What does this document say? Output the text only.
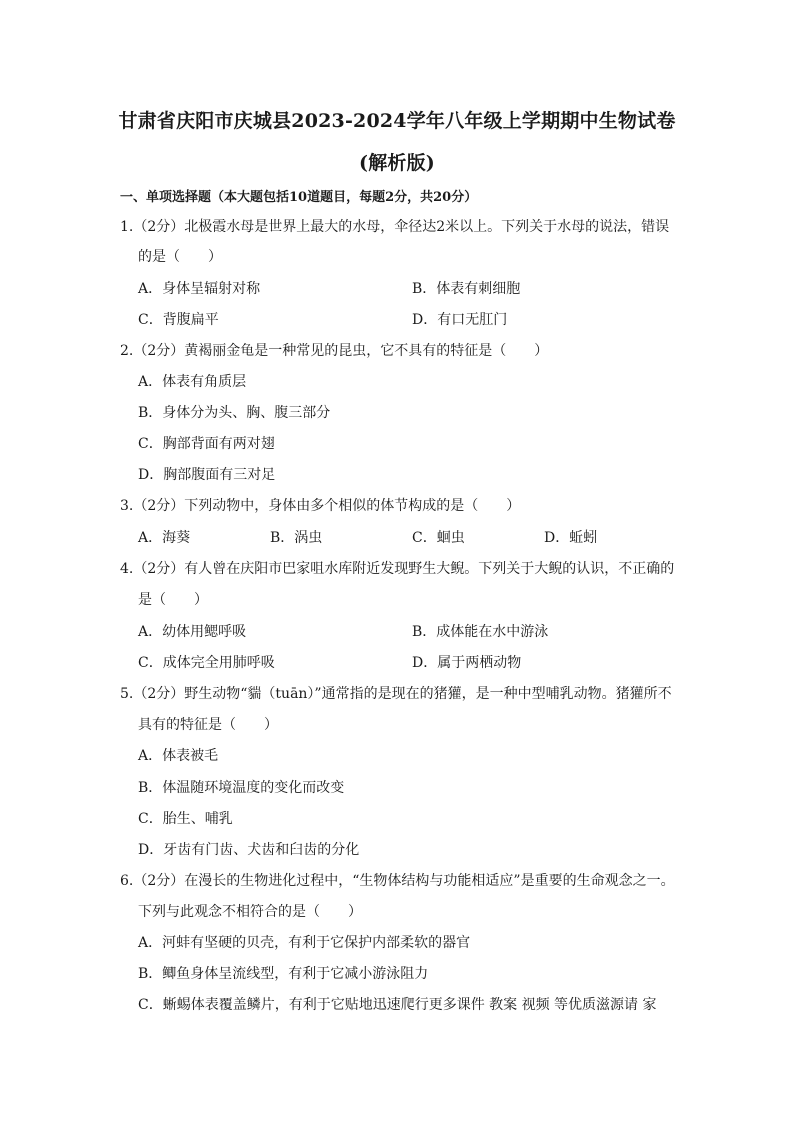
甘肃省庆阳市庆城县2023-2024学年八年级上学期期中生物试卷
(解析版)
一、单项选择题（本大题包括10道题目，每题2分，共20分）
1.（2分）北极霞水母是世界上最大的水母，伞径达2米以上。下列关于水母的说法，错误
的是（　　）
A．身体呈辐射对称	B．体表有刺细胞
C．背腹扁平	D．有口无肛门
2.（2分）黄褐丽金龟是一种常见的昆虫，它不具有的特征是（　　）
A．体表有角质层
B．身体分为头、胸、腹三部分
C．胸部背面有两对翅
D．胸部腹面有三对足
3.（2分）下列动物中，身体由多个相似的体节构成的是（　　）
A．海葵	B．涡虫	C．蛔虫	D．蚯蚓
4.（2分）有人曾在庆阳市巴家咀水库附近发现野生大鲵。下列关于大鲵的认识，不正确的
是（　　）
A．幼体用鳃呼吸	B．成体能在水中游泳
C．成体完全用肺呼吸	D．属于两栖动物
5.（2分）野生动物“貒（tuān）”通常指的是现在的猪獾，是一种中型哺乳动物。猪獾所不
具有的特征是（　　）
A．体表被毛
B．体温随环境温度的变化而改变
C．胎生、哺乳
D．牙齿有门齿、犬齿和臼齿的分化
6.（2分）在漫长的生物进化过程中，“生物体结构与功能相适应”是重要的生命观念之一。
下列与此观念不相符合的是（　　）
A．河蚌有坚硬的贝壳，有利于它保护内部柔软的器官
B．鲫鱼身体呈流线型，有利于它减小游泳阻力
C．蜥蜴体表覆盖鳞片，有利于它贴地迅速爬行更多课件 教案 视频 等优质滋源请 家
